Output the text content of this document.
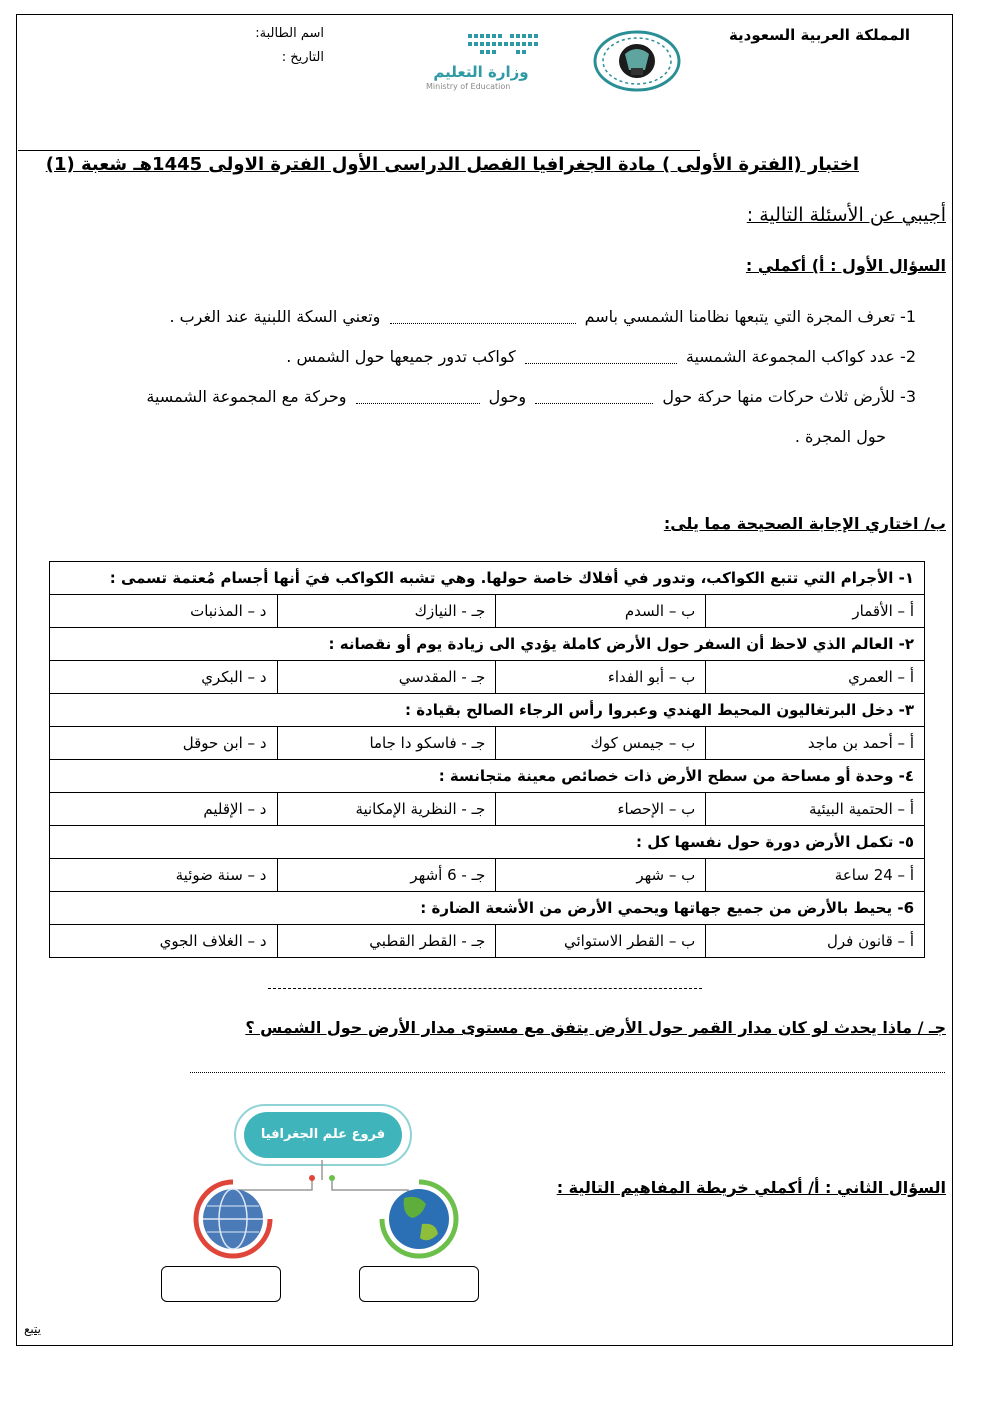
المملكة العربية السعودية
وزارة التعليم
Ministry of Education
اسم الطالبة:
التاريخ :
اختبار (الفترة الأولى ) مادة الجغرافيا الفصل الدراسى الأول الفترة الاولى 1445هـ شعبة (1)
أجيبي عن الأسئلة التالية :
السؤال الأول : أ) أكملي :
1- تعرف المجرة التي يتبعها نظامنا الشمسي باسم  وتعني السكة اللبنية عند الغرب .
2- عدد كواكب المجموعة الشمسية  كواكب تدور جميعها حول الشمس .
3- للأرض ثلاث حركات منها حركة حول  وحول  وحركة مع المجموعة الشمسية
حول المجرة .
ب/ اختاري الإجابة الصحيحة مما يلى:
١- الأجرام التي تتبع الكواكب، وتدور في أفلاك خاصة حولها. وهي تشبه الكواكب فيَ أنها أجسام مُعتمة تسمى :			
أ – الأقمار	ب – السدم	جـ - النيازك	د – المذنبات
٢- العالم الذي لاحظ أن السفر حول الأرض كاملة يؤدي الى زيادة يوم أو نقصانه :			
أ – العمري	ب – أبو الفداء	جـ - المقدسي	د – البكري
٣- دخل البرتغاليون المحيط الهندي وعبروا رأس الرجاء الصالح بقيادة :			
أ – أحمد بن ماجد	ب – جيمس كوك	جـ - فاسكو دا جاما	د – ابن حوقل
٤- وحدة أو مساحة من سطح الأرض ذات خصائص معينة متجانسة :			
أ – الحتمية البيئية	ب – الإحصاء	جـ - النظرية الإمكانية	د – الإقليم
٥- تكمل الأرض دورة حول نفسها كل :			
أ – 24 ساعة	ب – شهر	جـ - 6 أشهر	د – سنة ضوئية
6- يحيط بالأرض من جميع جهاتها ويحمي الأرض من الأشعة الضارة :			
أ – قانون فرل	ب – القطر الاستوائي	جـ - القطر القطبي	د – الغلاف الجوي
جـ / ماذا يحدث لو كان مدار القمر حول الأرض يتفق مع مستوى مدار الأرض حول الشمس ؟
السؤال الثاني : أ/ أكملي خريطة المفاهيم التالية :
فروع علم الجغرافيا
يتبع
